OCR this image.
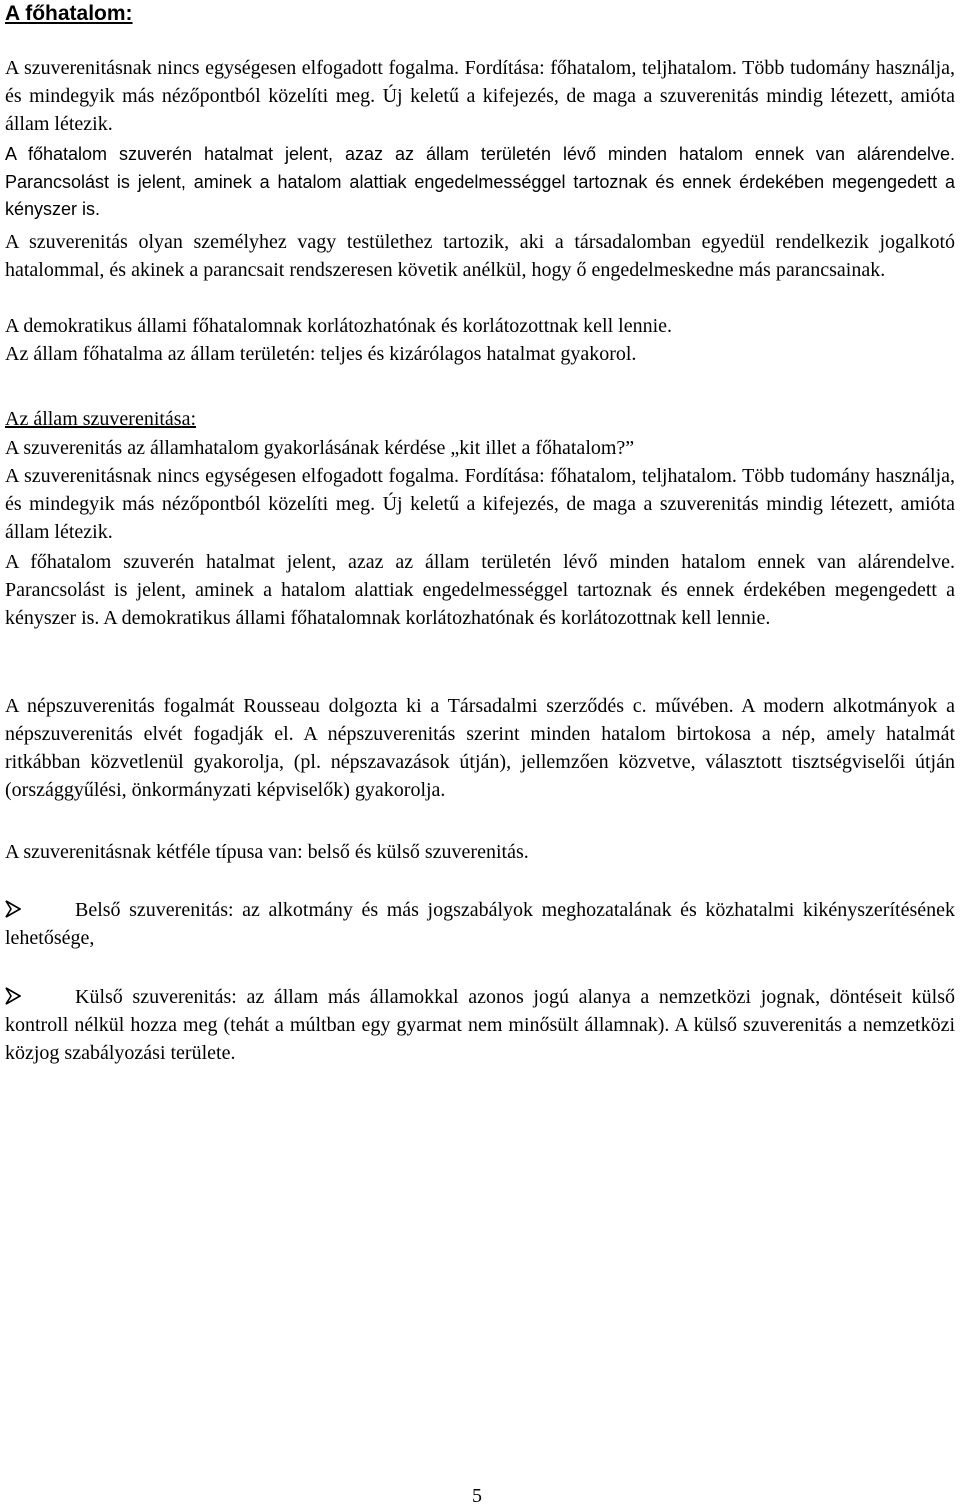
A főhatalom:

A szuverenitásnak nincs egységesen elfogadott fogalma. Fordítása: főhatalom, teljhatalom. Több tudomány használja, és mindegyik más nézőpontból közelíti meg. Új keletű a kifejezés, de maga a szuverenitás mindig létezett, amióta állam létezik.

A főhatalom szuverén hatalmat jelent, azaz az állam területén lévő minden hatalom ennek van alárendelve. Parancsolást is jelent, aminek a hatalom alattiak engedelmességgel tartoznak és ennek érdekében megengedett a kényszer is.

A szuverenitás olyan személyhez vagy testülethez tartozik, aki a társadalomban egyedül rendelkezik jogalkotó hatalommal, és akinek a parancsait rendszeresen követik anélkül, hogy ő engedelmeskedne más parancsainak.

A demokratikus állami főhatalomnak korlátozhatónak és korlátozottnak kell lennie.

Az állam főhatalma az állam területén: teljes és kizárólagos hatalmat gyakorol.

Az állam szuverenitása:

A szuverenitás az államhatalom gyakorlásának kérdése „kit illet a főhatalom?”

A szuverenitásnak nincs egységesen elfogadott fogalma. Fordítása: főhatalom, teljhatalom. Több tudomány használja, és mindegyik más nézőpontból közelíti meg. Új keletű a kifejezés, de maga a szuverenitás mindig létezett, amióta állam létezik.

A főhatalom szuverén hatalmat jelent, azaz az állam területén lévő minden hatalom ennek van alárendelve. Parancsolást is jelent, aminek a hatalom alattiak engedelmességgel tartoznak és ennek érdekében megengedett a kényszer is. A demokratikus állami főhatalomnak korlátozhatónak és korlátozottnak kell lennie.

A népszuverenitás fogalmát Rousseau dolgozta ki a Társadalmi szerződés c. művében. A modern alkotmányok a népszuverenitás elvét fogadják el. A népszuverenitás szerint minden hatalom birtokosa a nép, amely hatalmát ritkábban közvetlenül gyakorolja, (pl. népszavazások útján), jellemzően közvetve, választott tisztségviselői útján (országgyűlési, önkormányzati képviselők) gyakorolja.

A szuverenitásnak kétféle típusa van: belső és külső szuverenitás.

Belső szuverenitás: az alkotmány és más jogszabályok meghozatalának és közhatalmi kikényszerítésének lehetősége,

Külső szuverenitás: az állam más államokkal azonos jogú alanya a nemzetközi jognak, döntéseit külső kontroll nélkül hozza meg (tehát a múltban egy gyarmat nem minősült államnak). A külső szuverenitás a nemzetközi közjog szabályozási területe.

5
